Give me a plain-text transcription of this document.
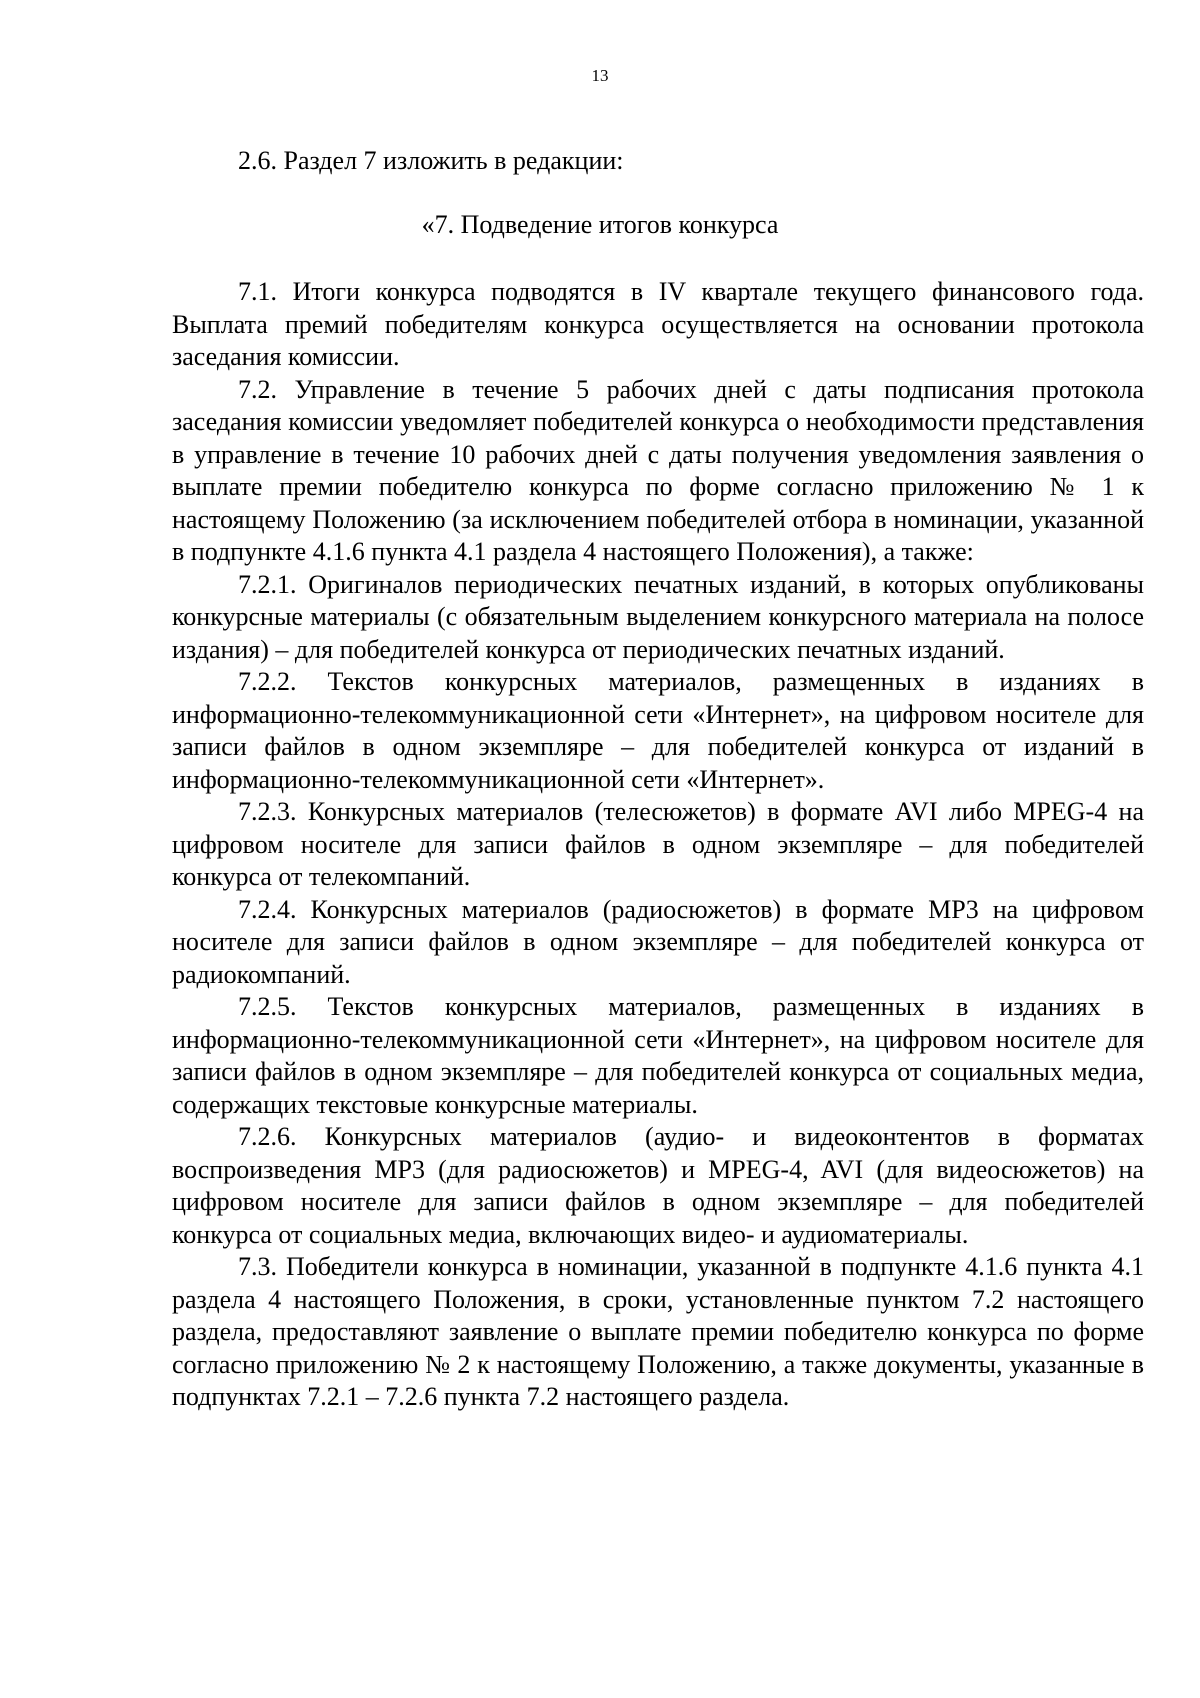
13
2.6. Раздел 7 изложить в редакции:
«7. Подведение итогов конкурса

7.1. Итоги конкурса подводятся в IV квартале текущего финансового года. Выплата премий победителям конкурса осуществляется на основании протокола заседания комиссии.

7.2. Управление в течение 5 рабочих дней с даты подписания протокола заседания комиссии уведомляет победителей конкурса о необходимости представления в управление в течение 10 рабочих дней с даты получения уведомления заявления о выплате премии победителю конкурса по форме согласно приложению № 1 к настоящему Положению (за исключением победителей отбора в номинации, указанной в подпункте 4.1.6 пункта 4.1 раздела 4 настоящего Положения), а также:

7.2.1. Оригиналов периодических печатных изданий, в которых опубликованы конкурсные материалы (с обязательным выделением конкурсного материала на полосе издания) – для победителей конкурса от периодических печатных изданий.

7.2.2. Текстов конкурсных материалов, размещенных в изданиях в информационно-телекоммуникационной сети «Интернет», на цифровом носителе для записи файлов в одном экземпляре – для победителей конкурса от изданий в информационно-телекоммуникационной сети «Интернет».

7.2.3. Конкурсных материалов (телесюжетов) в формате AVI либо MPEG-4 на цифровом носителе для записи файлов в одном экземпляре – для победителей конкурса от телекомпаний.

7.2.4. Конкурсных материалов (радиосюжетов) в формате MP3 на цифровом носителе для записи файлов в одном экземпляре – для победителей конкурса от радиокомпаний.

7.2.5. Текстов конкурсных материалов, размещенных в изданиях в информационно-телекоммуникационной сети «Интернет», на цифровом носителе для записи файлов в одном экземпляре – для победителей конкурса от социальных медиа, содержащих текстовые конкурсные материалы.

7.2.6. Конкурсных материалов (аудио- и видеоконтентов в форматах воспроизведения MP3 (для радиосюжетов) и MPEG-4, AVI (для видеосюжетов) на цифровом носителе для записи файлов в одном экземпляре – для победителей конкурса от социальных медиа, включающих видео- и аудиоматериалы.

7.3. Победители конкурса в номинации, указанной в подпункте 4.1.6 пункта 4.1 раздела 4 настоящего Положения, в сроки, установленные пунктом 7.2 настоящего раздела, предоставляют заявление о выплате премии победителю конкурса по форме согласно приложению № 2 к настоящему Положению, а также документы, указанные в подпунктах 7.2.1 – 7.2.6 пункта 7.2 настоящего раздела.
